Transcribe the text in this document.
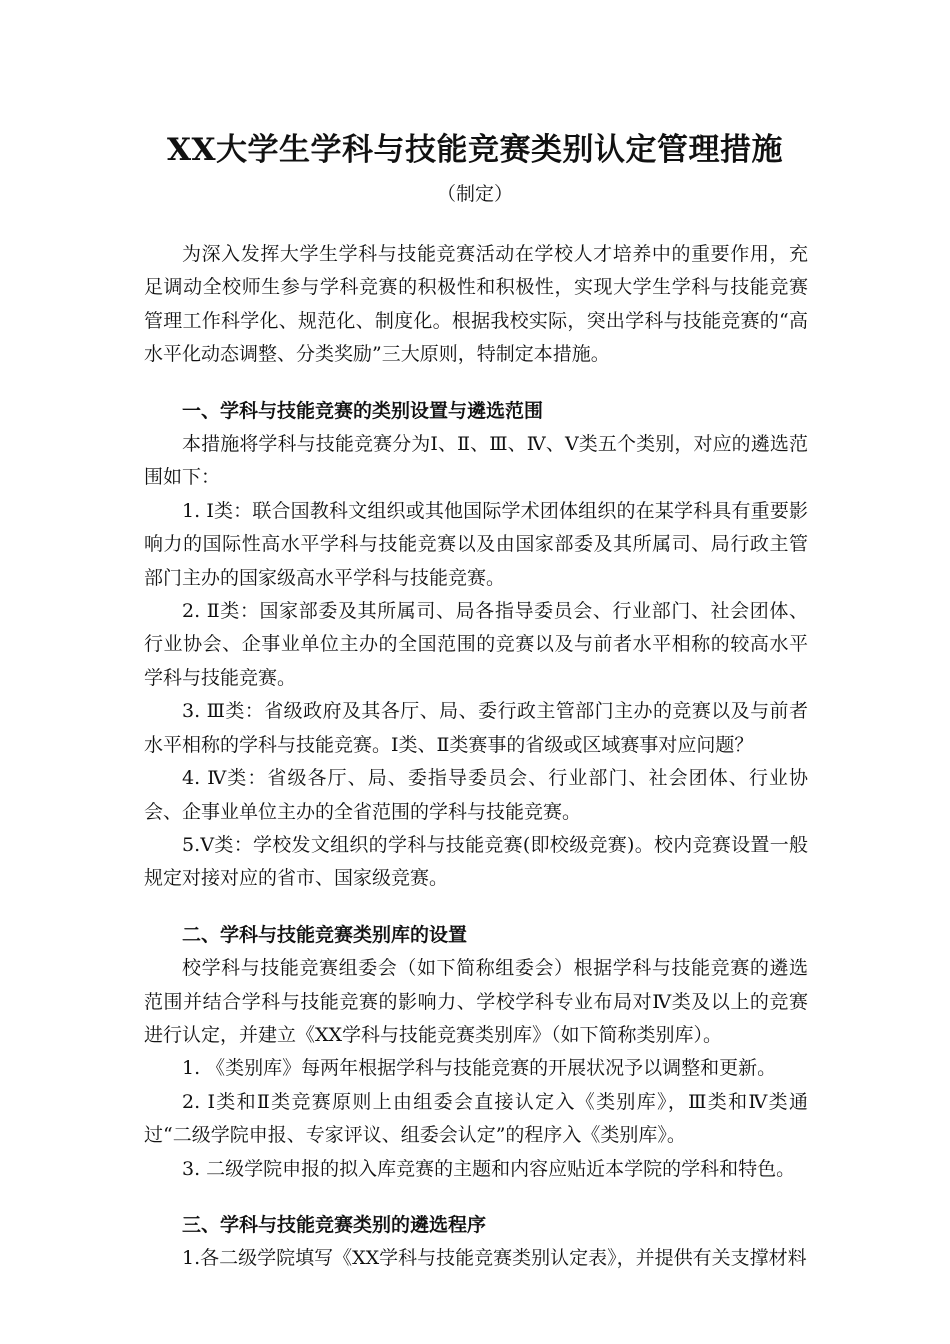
XX大学生学科与技能竞赛类别认定管理措施
（制定）

为深入发挥大学生学科与技能竞赛活动在学校人才培养中的重要作用，充足调动全校师生参与学科竞赛的积极性和积极性，实现大学生学科与技能竞赛管理工作科学化、规范化、制度化。根据我校实际，突出学科与技能竞赛的“高水平化动态调整、分类奖励”三大原则，特制定本措施。

一、学科与技能竞赛的类别设置与遴选范围

本措施将学科与技能竞赛分为Ⅰ、Ⅱ、Ⅲ、Ⅳ、Ⅴ类五个类别，对应的遴选范围如下：

1. Ⅰ类：联合国教科文组织或其他国际学术团体组织的在某学科具有重要影响力的国际性高水平学科与技能竞赛以及由国家部委及其所属司、局行政主管部门主办的国家级高水平学科与技能竞赛。

2. Ⅱ类：国家部委及其所属司、局各指导委员会、行业部门、社会团体、行业协会、企事业单位主办的全国范围的竞赛以及与前者水平相称的较高水平学科与技能竞赛。

3. Ⅲ类：省级政府及其各厅、局、委行政主管部门主办的竞赛以及与前者水平相称的学科与技能竞赛。Ⅰ类、Ⅱ类赛事的省级或区域赛事对应问题？

4. Ⅳ类：省级各厅、局、委指导委员会、行业部门、社会团体、行业协会、企事业单位主办的全省范围的学科与技能竞赛。

5.Ⅴ类：学校发文组织的学科与技能竞赛(即校级竞赛)。校内竞赛设置一般规定对接对应的省市、国家级竞赛。

二、学科与技能竞赛类别库的设置

校学科与技能竞赛组委会（如下简称组委会）根据学科与技能竞赛的遴选范围并结合学科与技能竞赛的影响力、学校学科专业布局对Ⅳ类及以上的竞赛进行认定，并建立《XX学科与技能竞赛类别库》（如下简称类别库）。

1. 《类别库》每两年根据学科与技能竞赛的开展状况予以调整和更新。

2. Ⅰ类和Ⅱ类竞赛原则上由组委会直接认定入《类别库》，Ⅲ类和Ⅳ类通过“二级学院申报、专家评议、组委会认定”的程序入《类别库》。

3. 二级学院申报的拟入库竞赛的主题和内容应贴近本学院的学科和特色。

三、学科与技能竞赛类别的遴选程序

1.各二级学院填写《XX学科与技能竞赛类别认定表》，并提供有关支撑材料
